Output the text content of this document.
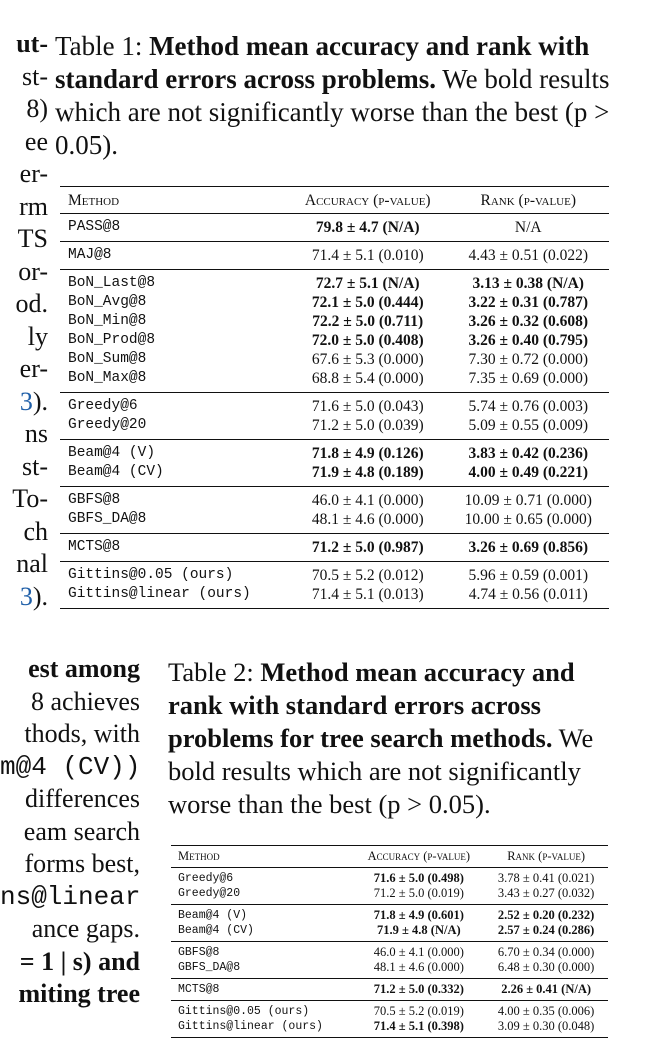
ut-
st-
8)
ee
er-
rm
TS
or-
od.
ly
er-
3).
ns
st-
To-
ch
nal
3).
Table 1: Method mean accuracy and rank with standard errors across problems. We bold results which are not significantly worse than the best (p > 0.05).
Method	Accuracy (p-value)	Rank (p-value)
PASS@8	79.8 ± 4.7 (N/A)	N/A
MAJ@8	71.4 ± 5.1 (0.010)	4.43 ± 0.51 (0.022)
BoN_Last@8	72.7 ± 5.1 (N/A)	3.13 ± 0.38 (N/A)
BoN_Avg@8	72.1 ± 5.0 (0.444)	3.22 ± 0.31 (0.787)
BoN_Min@8	72.2 ± 5.0 (0.711)	3.26 ± 0.32 (0.608)
BoN_Prod@8	72.0 ± 5.0 (0.408)	3.26 ± 0.40 (0.795)
BoN_Sum@8	67.6 ± 5.3 (0.000)	7.30 ± 0.72 (0.000)
BoN_Max@8	68.8 ± 5.4 (0.000)	7.35 ± 0.69 (0.000)
Greedy@6	71.6 ± 5.0 (0.043)	5.74 ± 0.76 (0.003)
Greedy@20	71.2 ± 5.0 (0.039)	5.09 ± 0.55 (0.009)
Beam@4 (V)	71.8 ± 4.9 (0.126)	3.83 ± 0.42 (0.236)
Beam@4 (CV)	71.9 ± 4.8 (0.189)	4.00 ± 0.49 (0.221)
GBFS@8	46.0 ± 4.1 (0.000)	10.09 ± 0.71 (0.000)
GBFS_DA@8	48.1 ± 4.6 (0.000)	10.00 ± 0.65 (0.000)
MCTS@8	71.2 ± 5.0 (0.987)	3.26 ± 0.69 (0.856)
Gittins@0.05 (ours)	70.5 ± 5.2 (0.012)	5.96 ± 0.59 (0.001)
Gittins@linear (ours)	71.4 ± 5.1 (0.013)	4.74 ± 0.56 (0.011)
est among
8 achieves
thods, with
m@4 (CV))
differences
eam search
forms best,
ns@linear
ance gaps.
= 1 | s) and
miting tree
Table 2: Method mean accuracy and rank with standard errors across problems for tree search methods. We bold results which are not significantly worse than the best (p > 0.05).
Method	Accuracy (p-value)	Rank (p-value)
Greedy@6	71.6 ± 5.0 (0.498)	3.78 ± 0.41 (0.021)
Greedy@20	71.2 ± 5.0 (0.019)	3.43 ± 0.27 (0.032)
Beam@4 (V)	71.8 ± 4.9 (0.601)	2.52 ± 0.20 (0.232)
Beam@4 (CV)	71.9 ± 4.8 (N/A)	2.57 ± 0.24 (0.286)
GBFS@8	46.0 ± 4.1 (0.000)	6.70 ± 0.34 (0.000)
GBFS_DA@8	48.1 ± 4.6 (0.000)	6.48 ± 0.30 (0.000)
MCTS@8	71.2 ± 5.0 (0.332)	2.26 ± 0.41 (N/A)
Gittins@0.05 (ours)	70.5 ± 5.2 (0.019)	4.00 ± 0.35 (0.006)
Gittins@linear (ours)	71.4 ± 5.1 (0.398)	3.09 ± 0.30 (0.048)
